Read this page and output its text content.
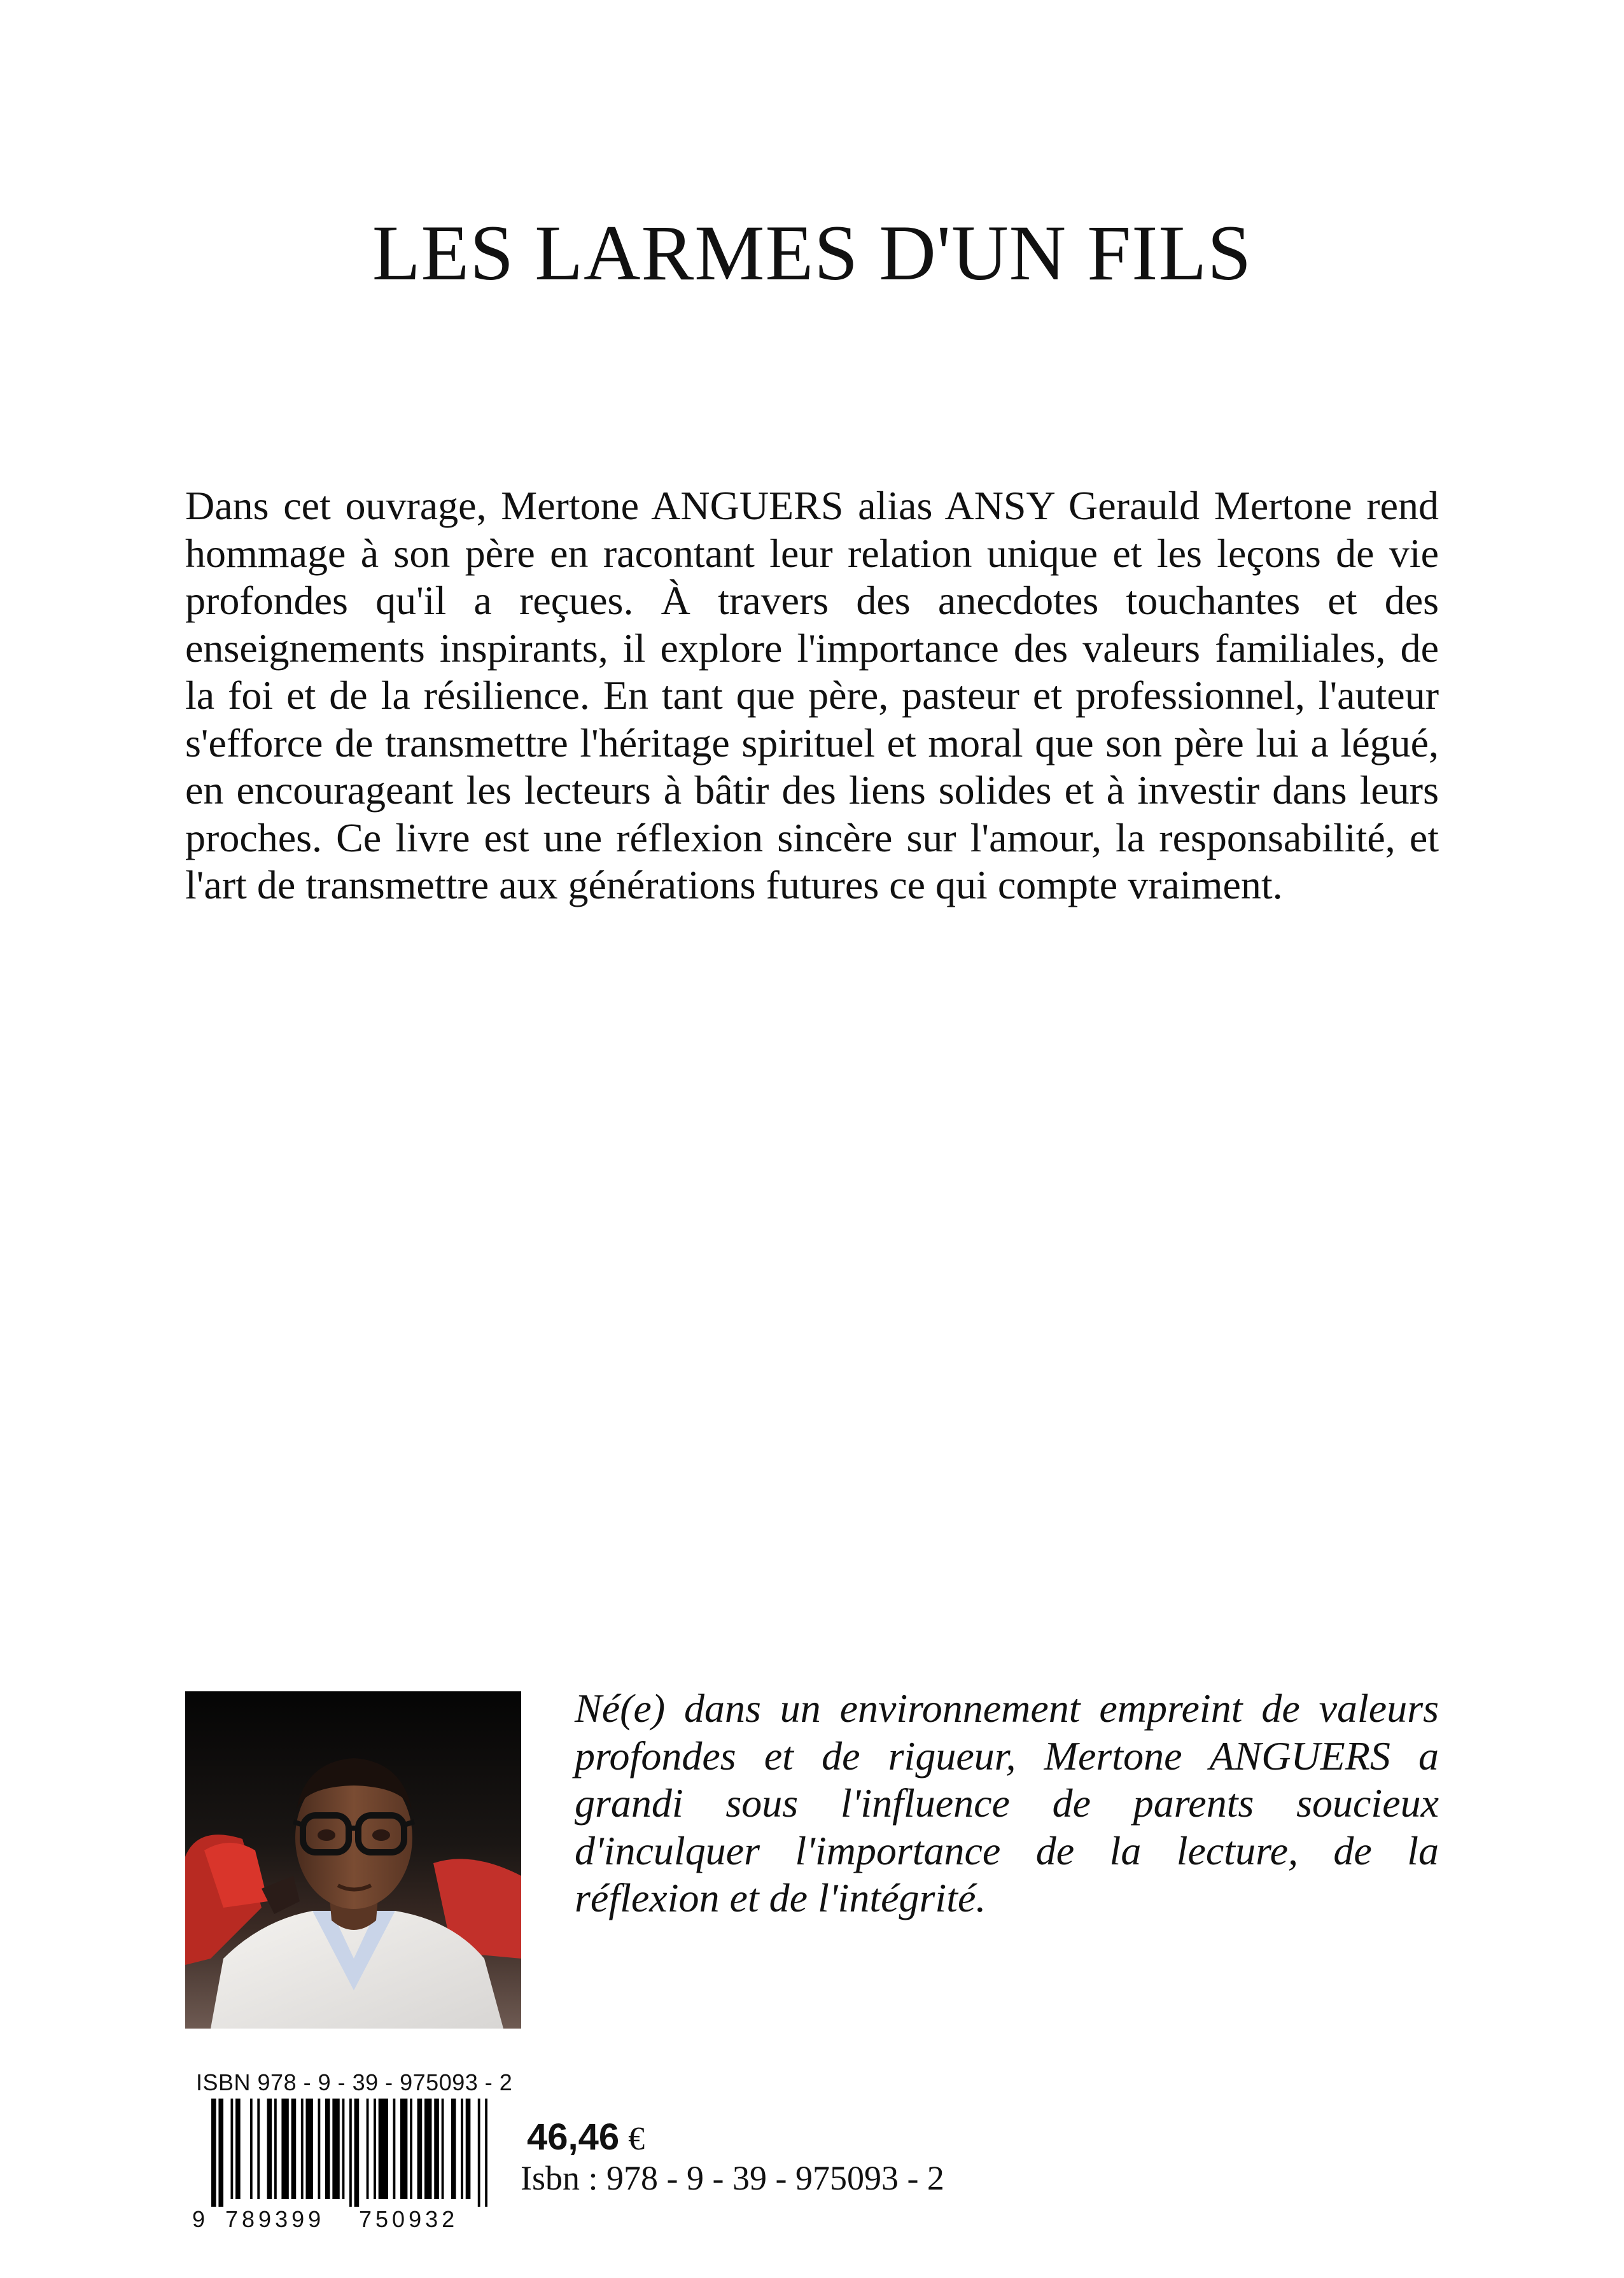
LES LARMES D'UN FILS

Dans cet ouvrage, Mertone ANGUERS alias ANSY Gerauld Mertone rend hommage à son père en racontant leur relation unique et les leçons de vie profondes qu'il a reçues. À travers des anecdotes touchantes et des enseignements inspirants, il explore l'importance des valeurs familiales, de la foi et de la résilience. En tant que père, pasteur et professionnel, l'auteur s'efforce de transmettre l'héritage spirituel et moral que son père lui a légué, en encourageant les lecteurs à bâtir des liens solides et à investir dans leurs proches. Ce livre est une réflexion sincère sur l'amour, la responsabilité, et l'art de transmettre aux générations futures ce qui compte vraiment.

Né(e) dans un environnement empreint de valeurs profondes et de rigueur, Mertone ANGUERS a grandi sous l'influence de parents soucieux d'inculquer l'importance de la lecture, de la réflexion et de l'intégrité.

ISBN 978 - 9 - 39 - 975093 - 2
9 789399 750932
46,46 €
Isbn : 978 - 9 - 39 - 975093 - 2
